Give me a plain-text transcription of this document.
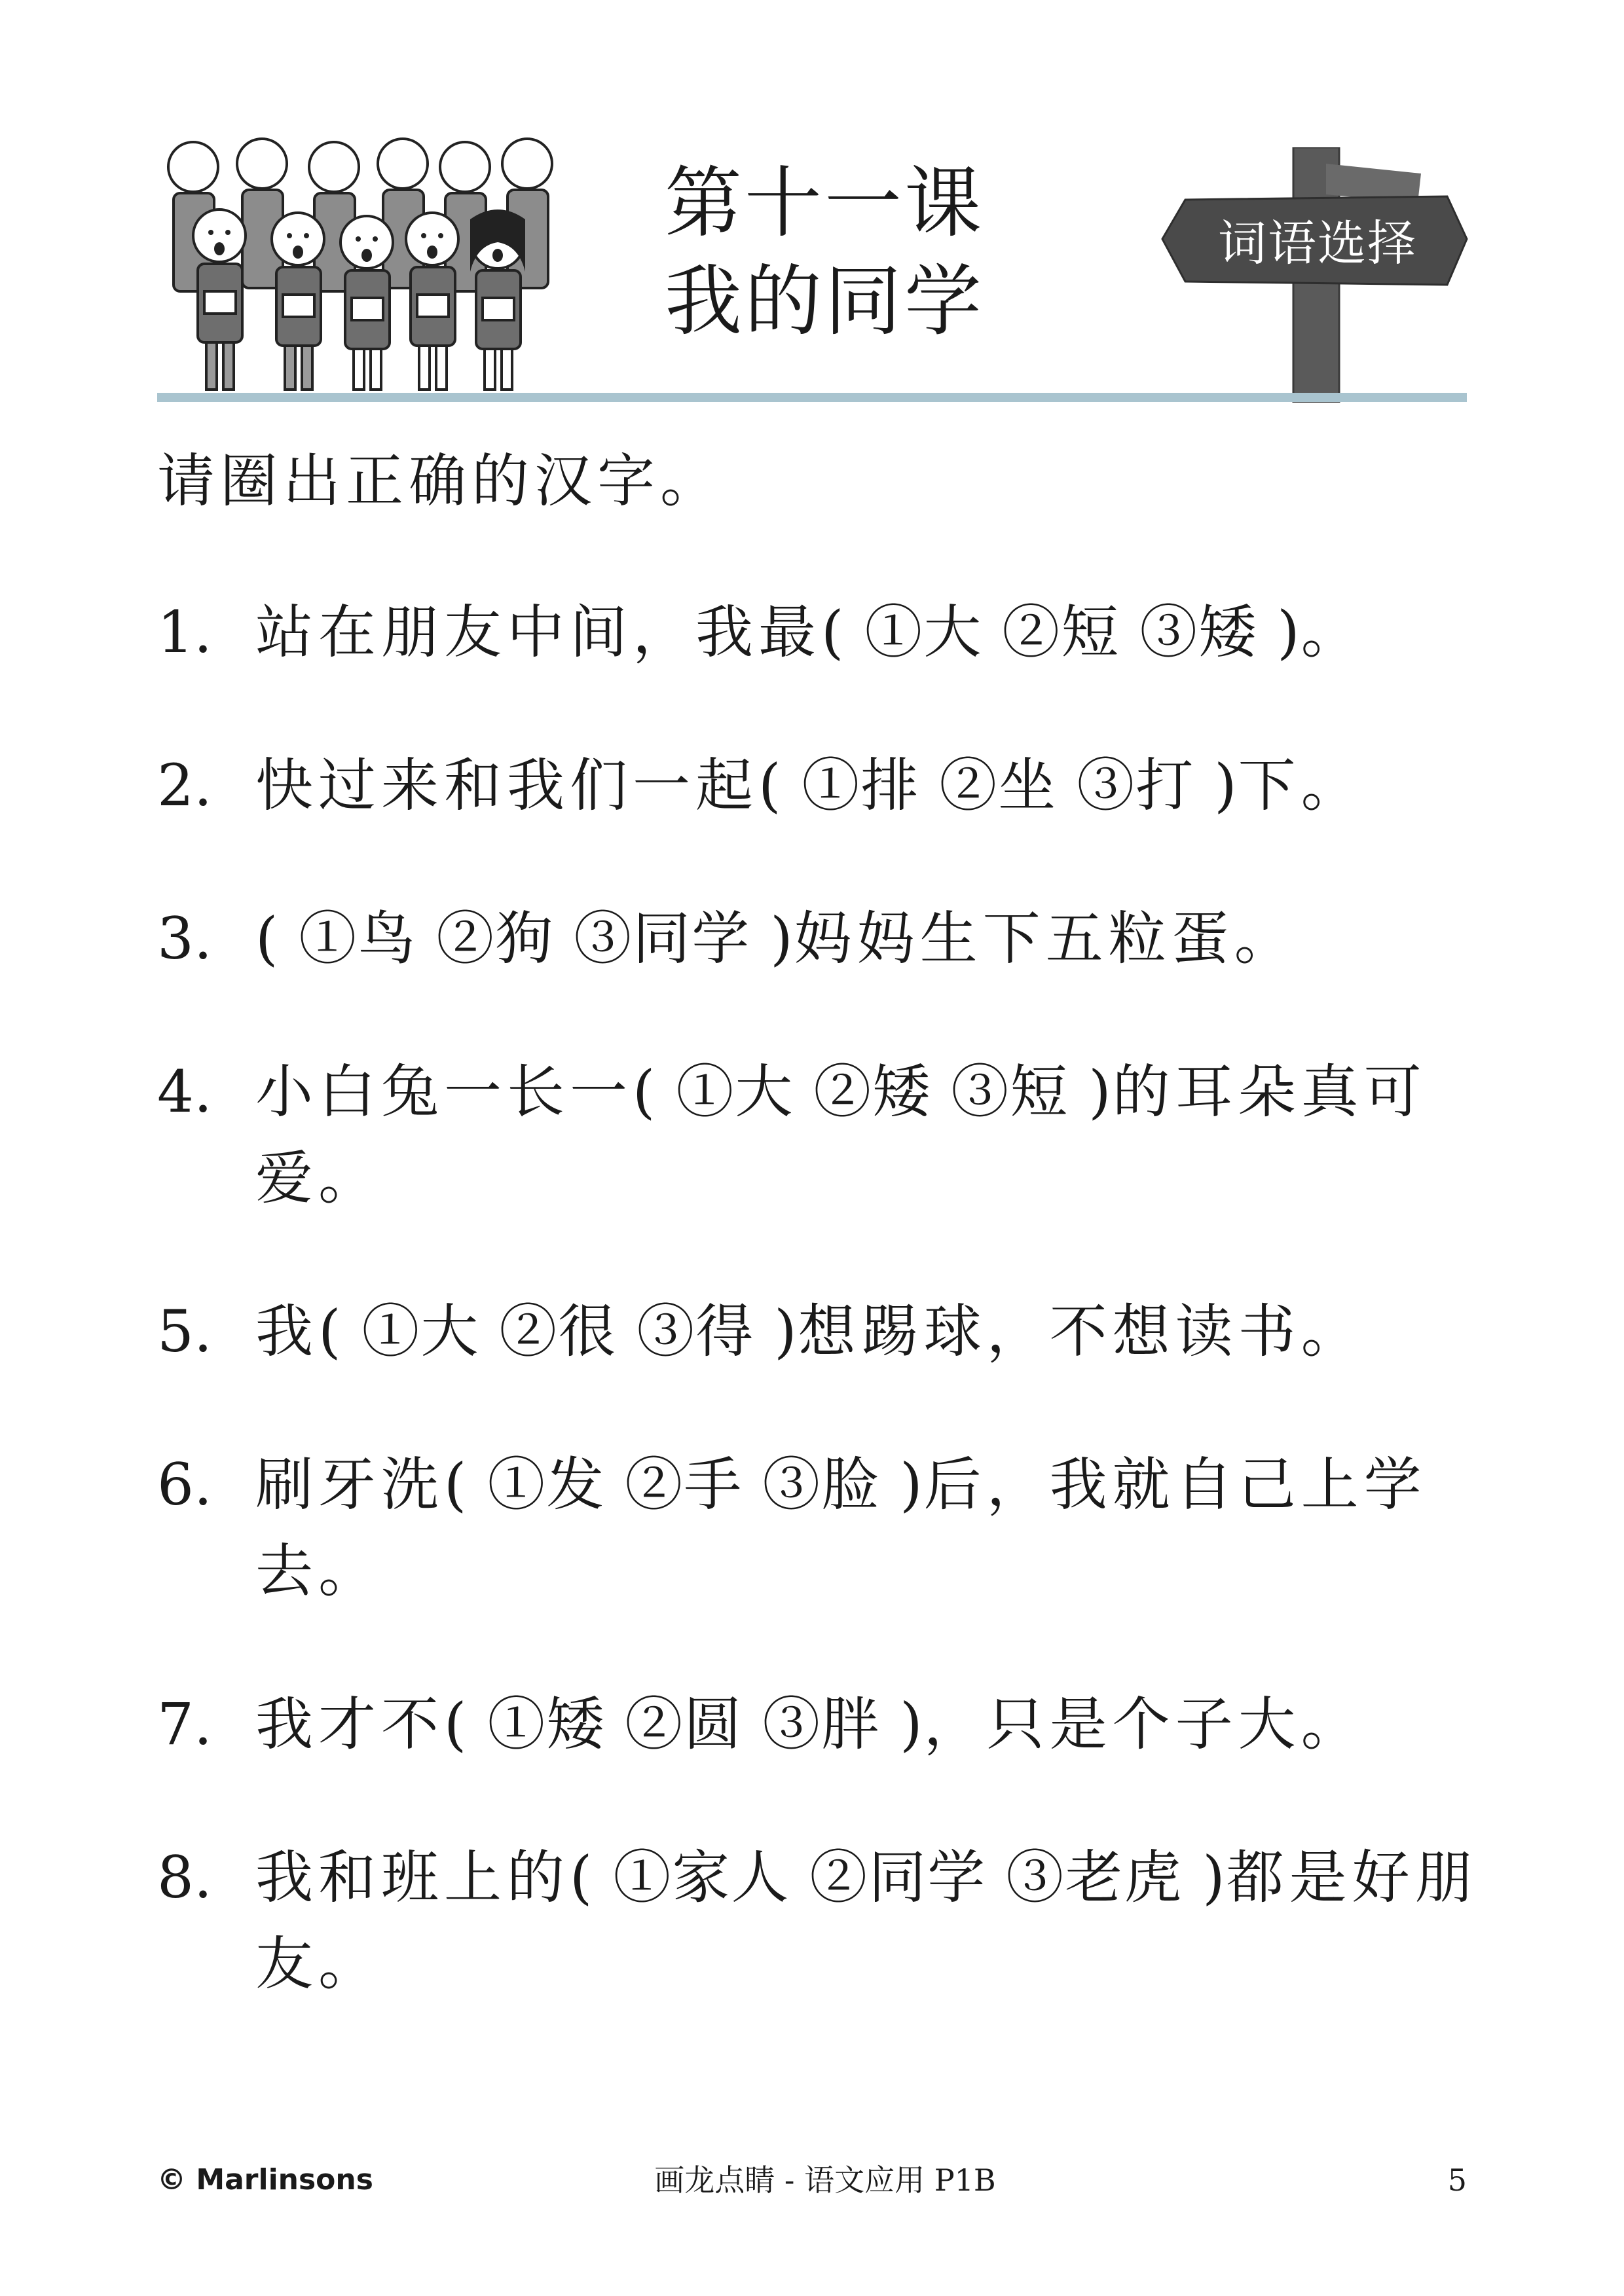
第十一课
我的同学
词语选择
请圈出正确的汉字。
1. 站在朋友中间，我最( ①大 ②短 ③矮 )。
2. 快过来和我们一起( ①排 ②坐 ③打 )下。
3. ( ①鸟 ②狗 ③同学 )妈妈生下五粒蛋。
4. 小白兔一长一( ①大 ②矮 ③短 )的耳朵真可爱。
5. 我( ①大 ②很 ③得 )想踢球，不想读书。
6. 刷牙洗( ①发 ②手 ③脸 )后，我就自己上学去。
7. 我才不( ①矮 ②圆 ③胖 )，只是个子大。
8. 我和班上的( ①家人 ②同学 ③老虎 )都是好朋友。
© Marlinsons	画龙点睛 - 语文应用 P1B	5
